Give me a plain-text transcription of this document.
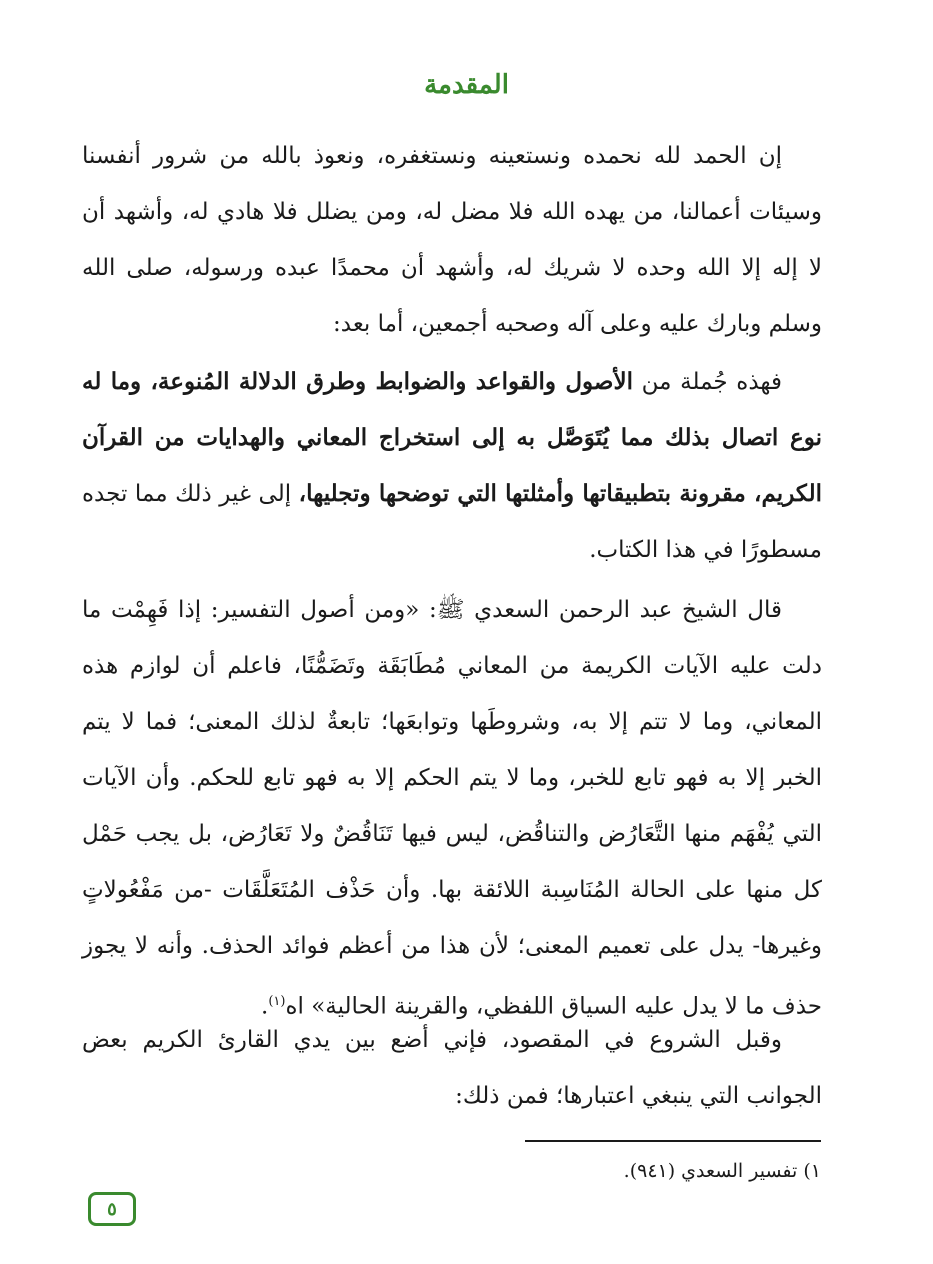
المقدمة

إن الحمد لله نحمده ونستعينه ونستغفره، ونعوذ بالله من شرور أنفسنا وسيئات أعمالنا، من يهده الله فلا مضل له، ومن يضلل فلا هادي له، وأشهد أن لا إله إلا الله وحده لا شريك له، وأشهد أن محمدًا عبده ورسوله، صلى الله وسلم وبارك عليه وعلى آله وصحبه أجمعين، أما بعد:

فهذه جُملة من الأصول والقواعد والضوابط وطرق الدلالة المُنوعة، وما له نوع اتصال بذلك مما يُتَوَصَّل به إلى استخراج المعاني والهدايات من القرآن الكريم، مقرونة بتطبيقاتها وأمثلتها التي توضحها وتجليها، إلى غير ذلك مما تجده مسطورًا في هذا الكتاب.

قال الشيخ عبد الرحمن السعدي ﷺ: «ومن أصول التفسير: إذا فَهِمْت ما دلت عليه الآيات الكريمة من المعاني مُطَابَقَة وتَضَمُّنًا، فاعلم أن لوازم هذه المعاني، وما لا تتم إلا به، وشروطَها وتوابعَها؛ تابعةٌ لذلك المعنى؛ فما لا يتم الخبر إلا به فهو تابع للخبر، وما لا يتم الحكم إلا به فهو تابع للحكم. وأن الآيات التي يُفْهَم منها التَّعَارُض والتناقُض، ليس فيها تَنَاقُضٌ ولا تَعَارُض، بل يجب حَمْل كل منها على الحالة المُنَاسِبة اللائقة بها. وأن حَذْف المُتَعَلَّقَات -من مَفْعُولاتٍ وغيرها- يدل على تعميم المعنى؛ لأن هذا من أعظم فوائد الحذف. وأنه لا يجوز حذف ما لا يدل عليه السياق اللفظي، والقرينة الحالية» اه$^{(١)}$.

وقبل الشروع في المقصود، فإني أضع بين يدي القارئ الكريم بعض الجوانب التي ينبغي اعتبارها؛ فمن ذلك:

١) تفسير السعدي (٩٤١).
٥
